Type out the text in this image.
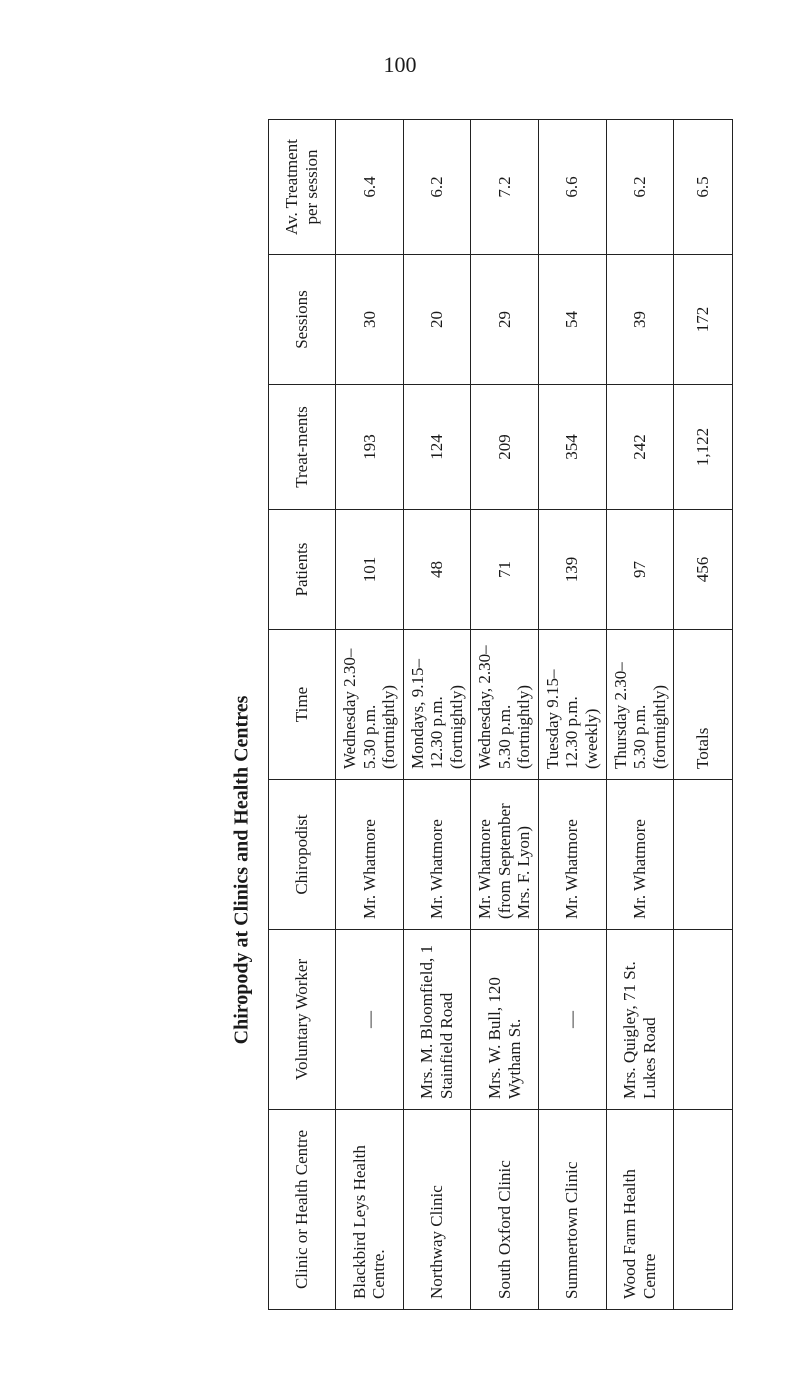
100
Chiropody at Clinics and Health Centres
Clinic or Health Centre	Voluntary Worker	Chiropodist	Time	Patients	Treat-ments	Sessions	Av. Treatment per session
Blackbird Leys Health Centre.	—	Mr. Whatmore	Wednesday 2.30–5.30 p.m. (fortnightly)	101	193	30	6.4
Northway Clinic	Mrs. M. Bloomfield, 1 Stainfield Road	Mr. Whatmore	Mondays, 9.15–12.30 p.m. (fortnightly)	48	124	20	6.2
South Oxford Clinic	Mrs. W. Bull, 120 Wytham St.	Mr. Whatmore (from September Mrs. F. Lyon)	Wednesday, 2.30–5.30 p.m. (fortnightly)	71	209	29	7.2
Summertown Clinic	—	Mr. Whatmore	Tuesday 9.15–12.30 p.m. (weekly)	139	354	54	6.6
Wood Farm Health Centre	Mrs. Quigley, 71 St. Lukes Road	Mr. Whatmore	Thursday 2.30–5.30 p.m. (fortnightly)	97	242	39	6.2
			Totals	456	1,122	172	6.5
